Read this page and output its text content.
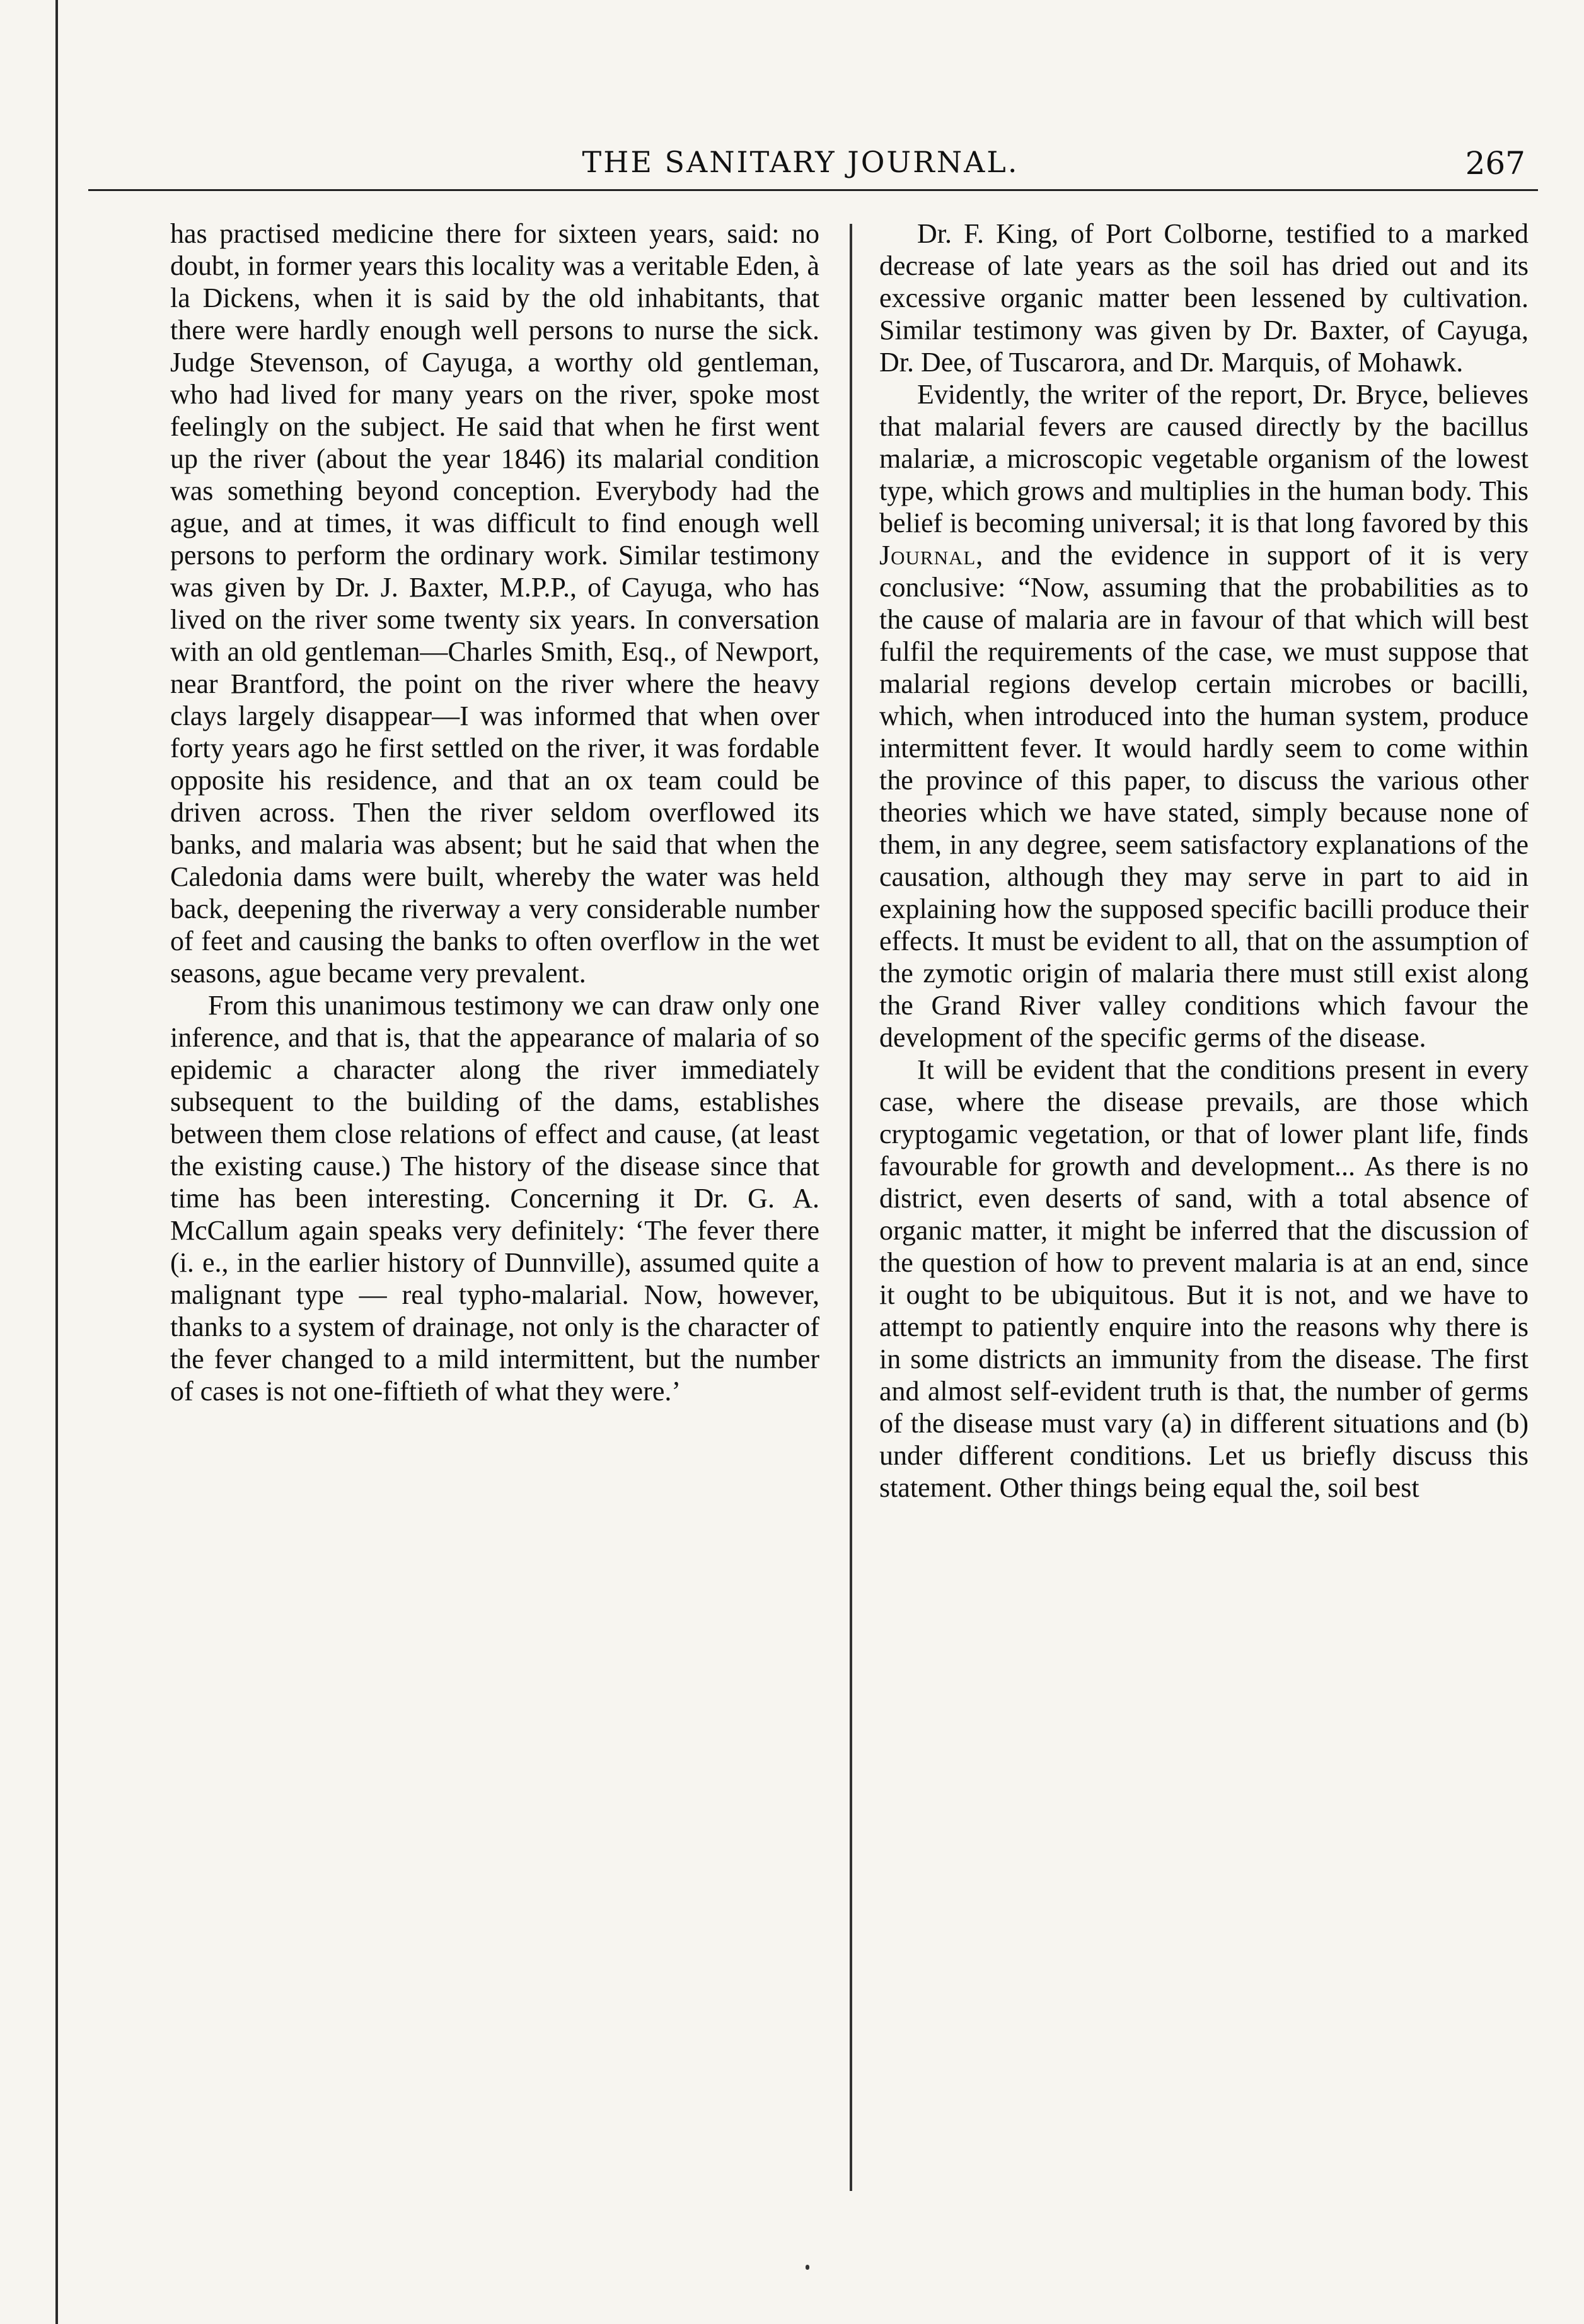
THE SANITARY JOURNAL.	267

has practised medicine there for sixteen years, said: no doubt, in former years this locality was a veritable Eden, à la Dickens, when it is said by the old inhabitants, that there were hardly enough well persons to nurse the sick. Judge Stevenson, of Cayuga, a worthy old gentleman, who had lived for many years on the river, spoke most feelingly on the subject. He said that when he first went up the river (about the year 1846) its malarial condition was something beyond conception. Everybody had the ague, and at times, it was difficult to find enough well persons to perform the ordinary work. Similar testimony was given by Dr. J. Baxter, M.P.P., of Cayuga, who has lived on the river some twenty six years. In conversation with an old gentleman—Charles Smith, Esq., of Newport, near Brantford, the point on the river where the heavy clays largely disappear—I was informed that when over forty years ago he first settled on the river, it was fordable opposite his residence, and that an ox team could be driven across. Then the river seldom overflowed its banks, and malaria was absent; but he said that when the Caledonia dams were built, whereby the water was held back, deepening the riverway a very considerable number of feet and causing the banks to often overflow in the wet seasons, ague became very prevalent.

From this unanimous testimony we can draw only one inference, and that is, that the appearance of malaria of so epidemic a character along the river immediately subsequent to the building of the dams, establishes between them close relations of effect and cause, (at least the existing cause.) The history of the disease since that time has been interesting. Concerning it Dr. G. A. McCallum again speaks very definitely: ‘The fever there (i. e., in the earlier history of Dunnville), assumed quite a malignant type — real typho-malarial. Now, however, thanks to a system of drainage, not only is the character of the fever changed to a mild intermittent, but the number of cases is not one-fiftieth of what they were.’

Dr. F. King, of Port Colborne, testified to a marked decrease of late years as the soil has dried out and its excessive organic matter been lessened by cultivation. Similar testimony was given by Dr. Baxter, of Cayuga, Dr. Dee, of Tuscarora, and Dr. Marquis, of Mohawk.

Evidently, the writer of the report, Dr. Bryce, believes that malarial fevers are caused directly by the bacillus malariæ, a microscopic vegetable organism of the lowest type, which grows and multiplies in the human body. This belief is becoming universal; it is that long favored by this Journal, and the evidence in support of it is very conclusive: “Now, assuming that the probabilities as to the cause of malaria are in favour of that which will best fulfil the requirements of the case, we must suppose that malarial regions develop certain microbes or bacilli, which, when introduced into the human system, produce intermittent fever. It would hardly seem to come within the province of this paper, to discuss the various other theories which we have stated, simply because none of them, in any degree, seem satisfactory explanations of the causation, although they may serve in part to aid in explaining how the supposed specific bacilli produce their effects. It must be evident to all, that on the assumption of the zymotic origin of malaria there must still exist along the Grand River valley conditions which favour the development of the specific germs of the disease.

It will be evident that the conditions present in every case, where the disease prevails, are those which cryptogamic vegetation, or that of lower plant life, finds favourable for growth and development... As there is no district, even deserts of sand, with a total absence of organic matter, it might be inferred that the discussion of the question of how to prevent malaria is at an end, since it ought to be ubiquitous. But it is not, and we have to attempt to patiently enquire into the reasons why there is in some districts an immunity from the disease. The first and almost self-evident truth is that, the number of germs of the disease must vary (a) in different situations and (b) under different conditions. Let us briefly discuss this statement. Other things being equal the, soil best
